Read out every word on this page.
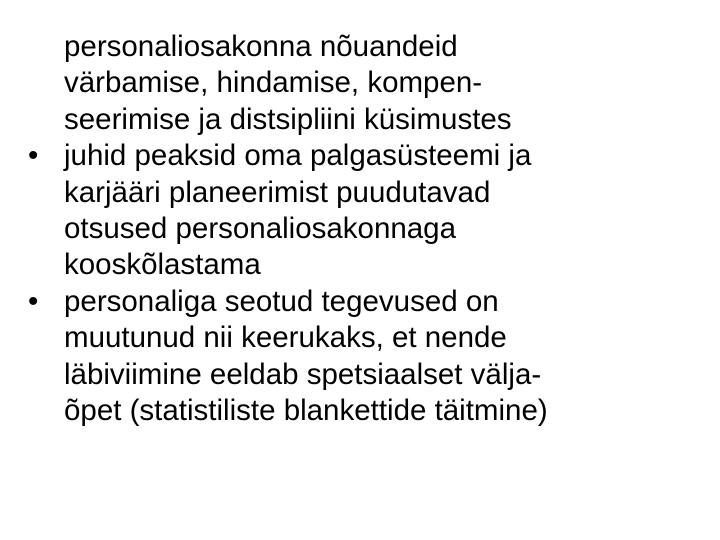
personaliosakonna nõuandeid
värbamise, hindamise, kompen-
seerimise ja distsipliini küsimustes
• juhid peaksid oma palgasüsteemi ja
karjääri planeerimist puudutavad
otsused personaliosakonnaga
kooskõlastama
• personaliga seotud tegevused on
muutunud nii keerukaks, et nende
läbiviimine eeldab spetsiaalset välja-
õpet (statistiliste blankettide täitmine)
